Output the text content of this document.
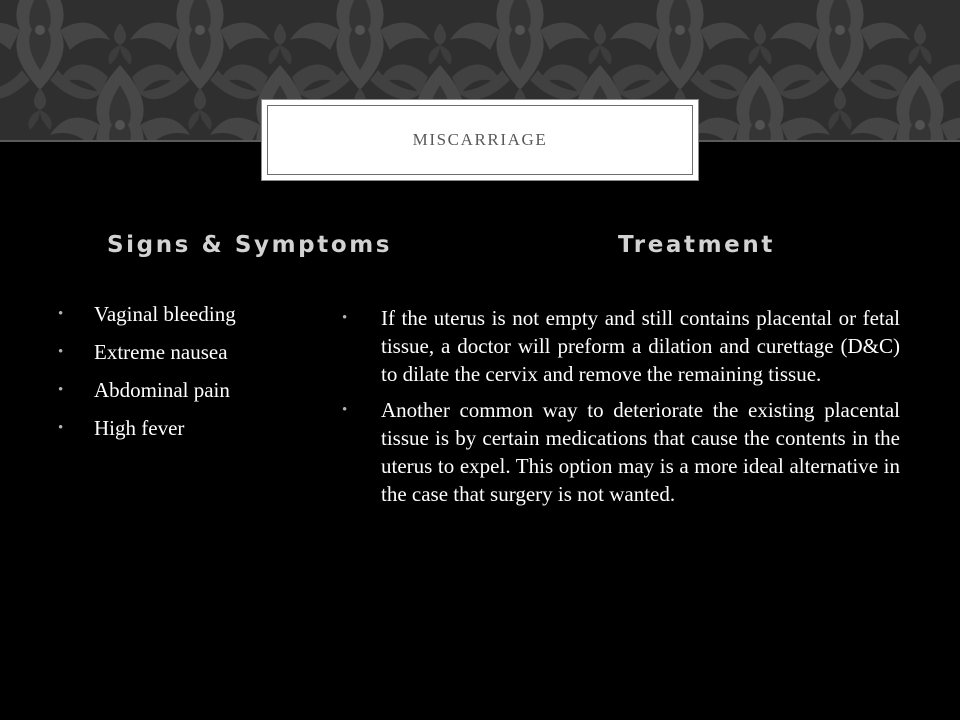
MISCARRIAGE
Signs & Symptoms	Treatment
• Vaginal bleeding
• Extreme nausea
• Abdominal pain
• High fever
• If the uterus is not empty and still contains placental or fetal tissue, a doctor will preform a dilation and curettage (D&C) to dilate the cervix and remove the remaining tissue.
• Another common way to deteriorate the existing placental tissue is by certain medications that cause the contents in the uterus to expel. This option may is a more ideal alternative in the case that surgery is not wanted.
